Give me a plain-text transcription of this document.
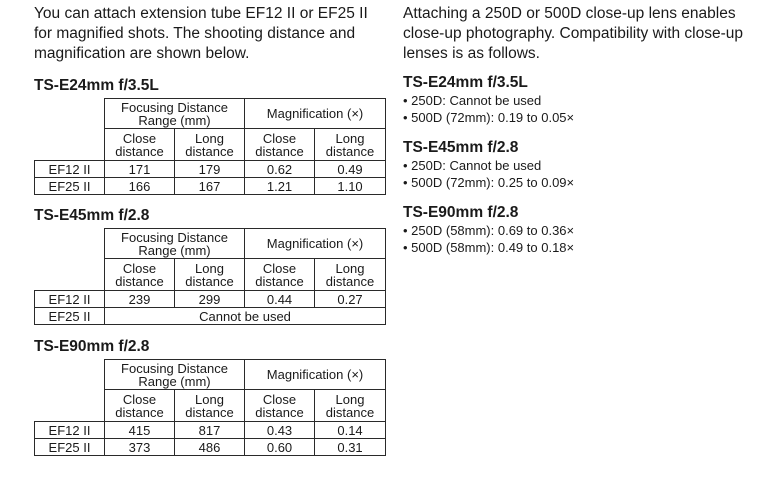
You can attach extension tube EF12 II or EF25 II for magnified shots. The shooting distance and magnification are shown below.

Attaching a 250D or 500D close-up lens enables close-up photography. Compatibility with close-up lenses is as follows.

TS-E24mm f/3.5L
	Focusing Distance Range (mm)		Magnification (×)	
	Close distance	Long distance	Close distance	Long distance
EF12 II	171	179	0.62	0.49
EF25 II	166	167	1.21	1.10
TS-E45mm f/2.8
	Focusing Distance Range (mm)		Magnification (×)	
	Close distance	Long distance	Close distance	Long distance
EF12 II	239	299	0.44	0.27
EF25 II	Cannot be used			
TS-E90mm f/2.8
	Focusing Distance Range (mm)		Magnification (×)	
	Close distance	Long distance	Close distance	Long distance
EF12 II	415	817	0.43	0.14
EF25 II	373	486	0.60	0.31
TS-E24mm f/3.5L
• 250D: Cannot be used
• 500D (72mm): 0.19 to 0.05×
TS-E45mm f/2.8
• 250D: Cannot be used
• 500D (72mm): 0.25 to 0.09×
TS-E90mm f/2.8
• 250D (58mm): 0.69 to 0.36×
• 500D (58mm): 0.49 to 0.18×
